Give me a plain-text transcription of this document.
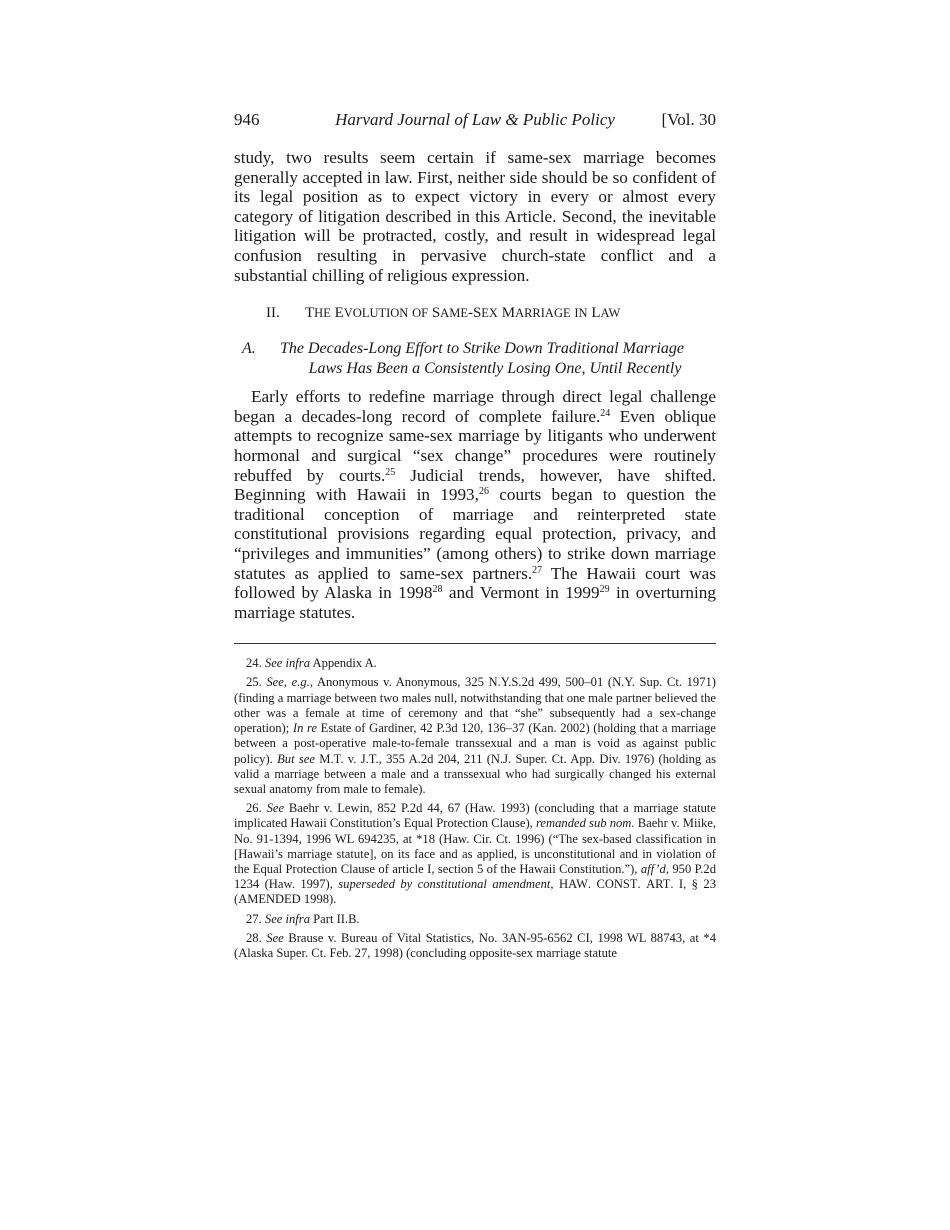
946	Harvard Journal of Law & Public Policy	[Vol. 30

study, two results seem certain if same-sex marriage becomes generally accepted in law. First, neither side should be so confident of its legal position as to expect victory in every or almost every category of litigation described in this Article. Second, the inevitable litigation will be protracted, costly, and result in widespread legal confusion resulting in pervasive church-state conflict and a substantial chilling of religious expression.

II. THE EVOLUTION OF SAME-SEX MARRIAGE IN LAW
A. The Decades-Long Effort to Strike Down Traditional Marriage
Laws Has Been a Consistently Losing One, Until Recently

Early efforts to redefine marriage through direct legal challenge began a decades-long record of complete failure.$^{24}$ Even oblique attempts to recognize same-sex marriage by litigants who underwent hormonal and surgical “sex change” procedures were routinely rebuffed by courts.$^{25}$ Judicial trends, however, have shifted. Beginning with Hawaii in 1993,26 courts began to question the traditional conception of marriage and reinterpreted state constitutional provisions regarding equal protection, privacy, and “privileges and immunities” (among others) to strike down marriage statutes as applied to same-sex partners.$^{27}$ The Hawaii court was followed by Alaska in 1998$^{28}$ and Vermont in 1999$^{29}$ in overturning marriage statutes.

24. See infra Appendix A.

25. See, e.g., Anonymous v. Anonymous, 325 N.Y.S.2d 499, 500–01 (N.Y. Sup. Ct. 1971) (finding a marriage between two males null, notwithstanding that one male partner believed the other was a female at time of ceremony and that “she” subsequently had a sex-change operation); In re Estate of Gardiner, 42 P.3d 120, 136–37 (Kan. 2002) (holding that a marriage between a post-operative male-to-female transsexual and a man is void as against public policy). But see M.T. v. J.T., 355 A.2d 204, 211 (N.J. Super. Ct. App. Div. 1976) (holding as valid a marriage between a male and a transsexual who had surgically changed his external sexual anatomy from male to female).

26. See Baehr v. Lewin, 852 P.2d 44, 67 (Haw. 1993) (concluding that a marriage statute implicated Hawaii Constitution’s Equal Protection Clause), remanded sub nom. Baehr v. Miike, No. 91-1394, 1996 WL 694235, at *18 (Haw. Cir. Ct. 1996) (“The sex-based classification in [Hawaii’s marriage statute], on its face and as applied, is unconstitutional and in violation of the Equal Protection Clause of article I, section 5 of the Hawaii Constitution.”), aff’d, 950 P.2d 1234 (Haw. 1997), superseded by constitutional amendment, HAW. CONST. ART. I, § 23 (AMENDED 1998).

27. See infra Part II.B.

28. See Brause v. Bureau of Vital Statistics, No. 3AN-95-6562 CI, 1998 WL 88743, at *4 (Alaska Super. Ct. Feb. 27, 1998) (concluding opposite-sex marriage statute
